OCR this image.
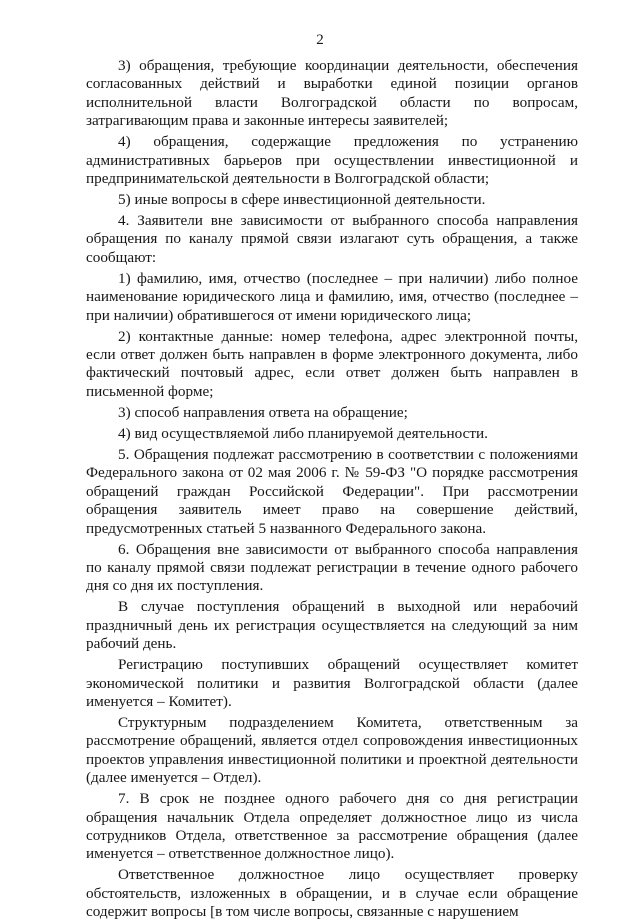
2

3) обращения, требующие координации деятельности, обеспечения согласованных действий и выработки единой позиции органов исполнительной власти Волгоградской области по вопросам, затрагивающим права и законные интересы заявителей;

4) обращения, содержащие предложения по устранению административных барьеров при осуществлении инвестиционной и предпринимательской деятельности в Волгоградской области;

5) иные вопросы в сфере инвестиционной деятельности.

4. Заявители вне зависимости от выбранного способа направления обращения по каналу прямой связи излагают суть обращения, а также сообщают:

1) фамилию, имя, отчество (последнее – при наличии) либо полное наименование юридического лица и фамилию, имя, отчество (последнее – при наличии) обратившегося от имени юридического лица;

2) контактные данные: номер телефона, адрес электронной почты, если ответ должен быть направлен в форме электронного документа, либо фактический почтовый адрес, если ответ должен быть направлен в письменной форме;

3) способ направления ответа на обращение;

4) вид осуществляемой либо планируемой деятельности.

5. Обращения подлежат рассмотрению в соответствии с положениями Федерального закона от 02 мая 2006 г. № 59-ФЗ "О порядке рассмотрения обращений граждан Российской Федерации". При рассмотрении обращения заявитель имеет право на совершение действий, предусмотренных статьей 5 названного Федерального закона.

6. Обращения вне зависимости от выбранного способа направления по каналу прямой связи подлежат регистрации в течение одного рабочего дня со дня их поступления.

В случае поступления обращений в выходной или нерабочий праздничный день их регистрация осуществляется на следующий за ним рабочий день.

Регистрацию поступивших обращений осуществляет комитет экономической политики и развития Волгоградской области (далее именуется – Комитет).

Структурным подразделением Комитета, ответственным за рассмотрение обращений, является отдел сопровождения инвестиционных проектов управления инвестиционной политики и проектной деятельности (далее именуется – Отдел).

7. В срок не позднее одного рабочего дня со дня регистрации обращения начальник Отдела определяет должностное лицо из числа сотрудников Отдела, ответственное за рассмотрение обращения (далее именуется – ответственное должностное лицо).

Ответственное должностное лицо осуществляет проверку обстоятельств, изложенных в обращении, и в случае если обращение содержит вопросы [в том числе вопросы, связанные с нарушением
